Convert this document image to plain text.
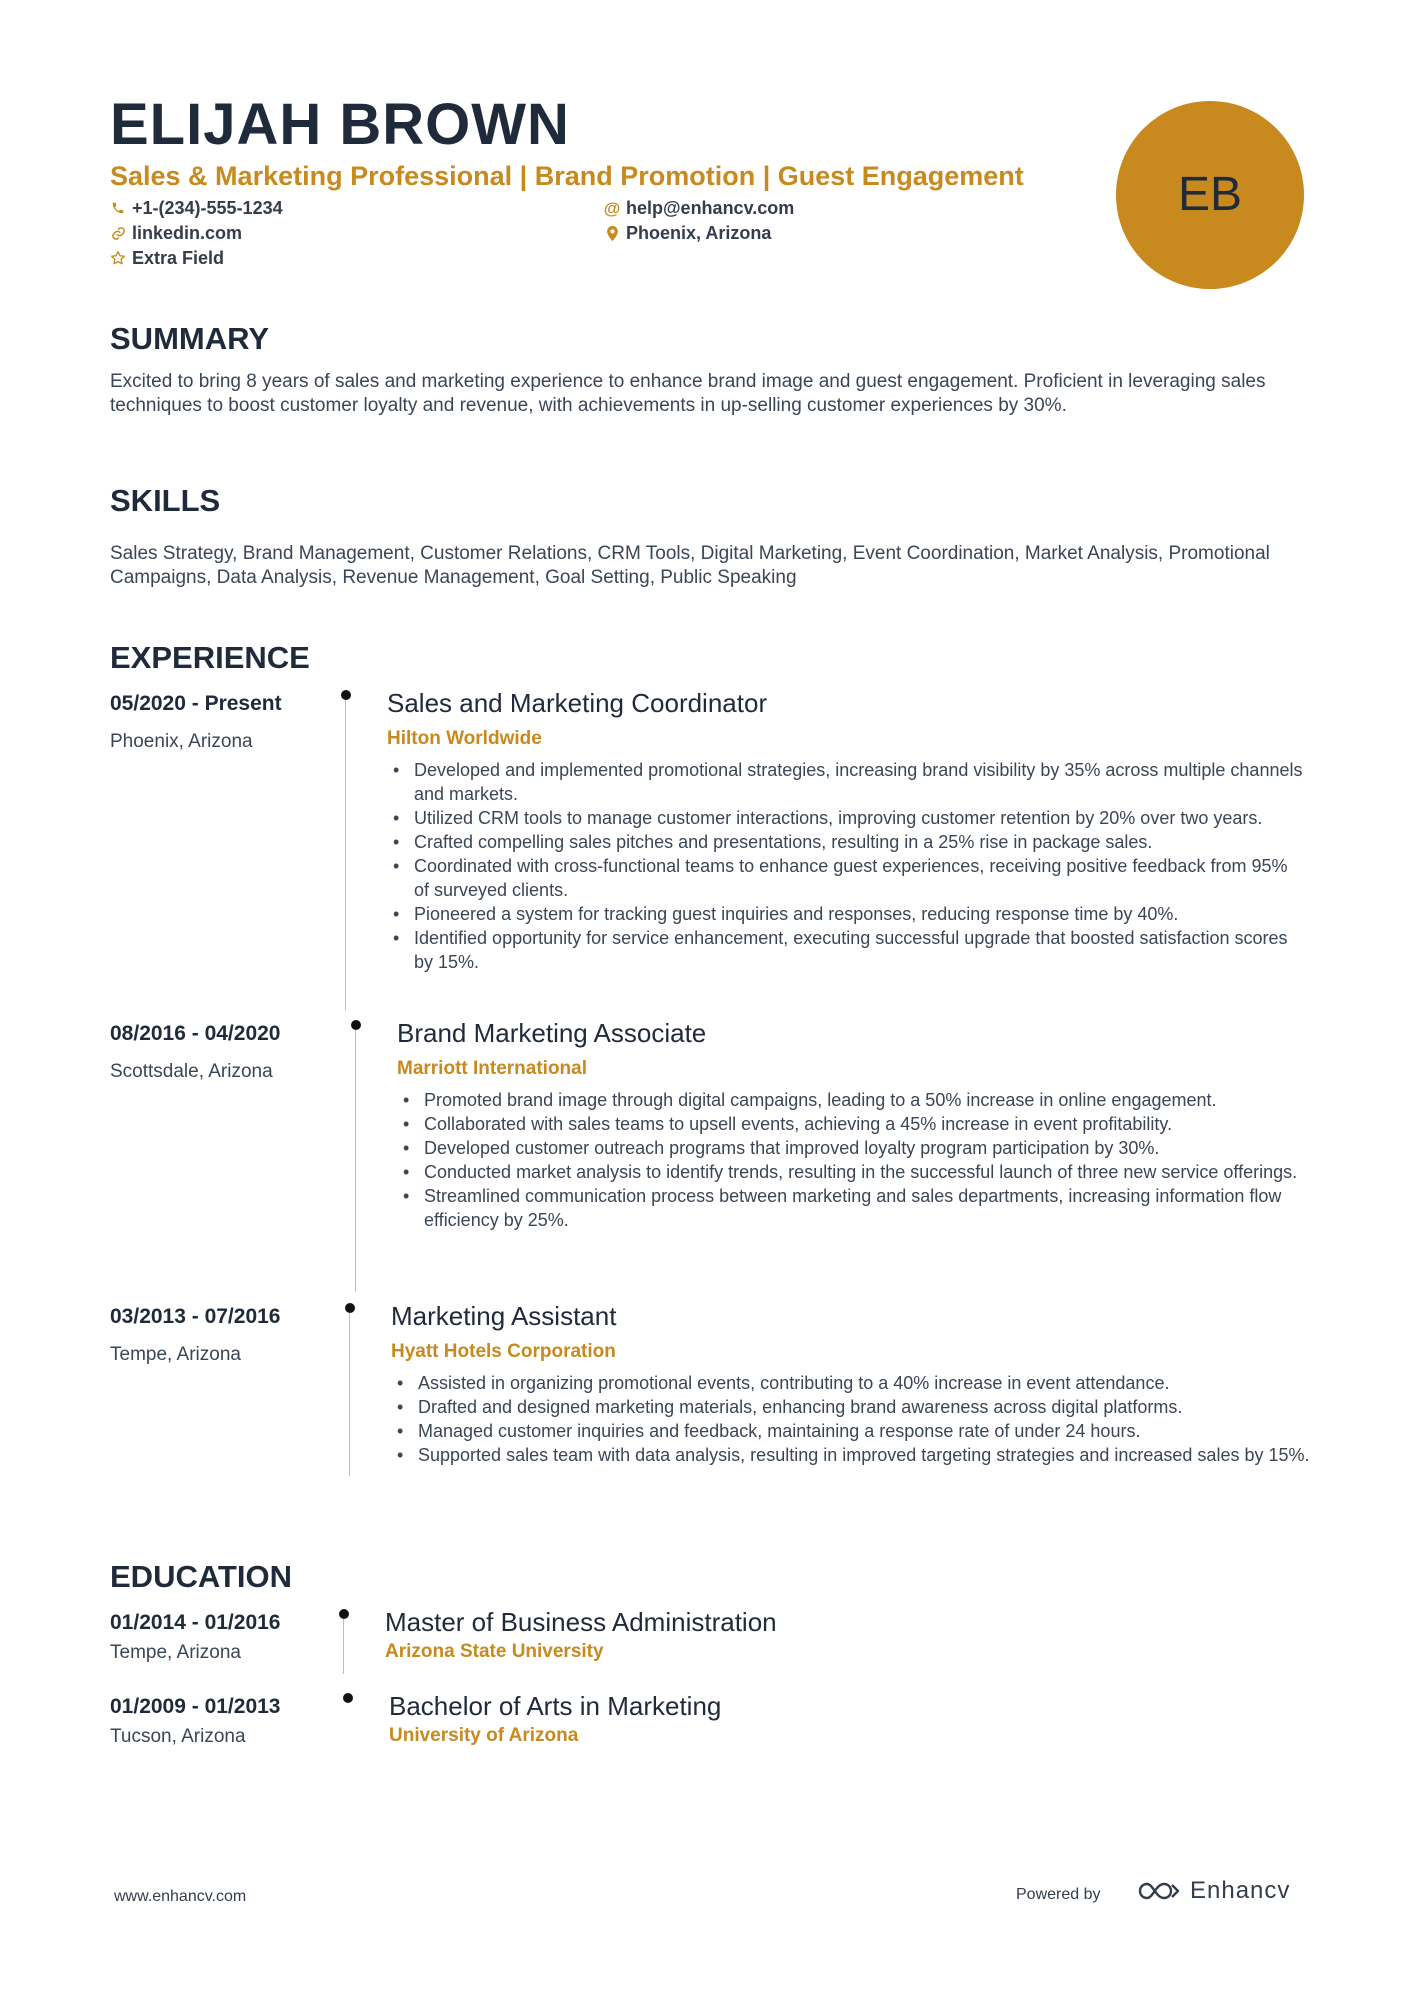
ELIJAH BROWN
Sales & Marketing Professional | Brand Promotion | Guest Engagement
+1-(234)-555-1234	@ help@enhancv.com
linkedin.com	Phoenix, Arizona
Extra Field
EB
SUMMARY

Excited to bring 8 years of sales and marketing experience to enhance brand image and guest engagement. Proficient in leveraging sales techniques to boost customer loyalty and revenue, with achievements in up-selling customer experiences by 30%.

SKILLS

Sales Strategy, Brand Management, Customer Relations, CRM Tools, Digital Marketing, Event Coordination, Market Analysis, Promotional Campaigns, Data Analysis, Revenue Management, Goal Setting, Public Speaking

EXPERIENCE
05/2020 - Present
Phoenix, Arizona
Sales and Marketing Coordinator
Hilton Worldwide
• Developed and implemented promotional strategies, increasing brand visibility by 35% across multiple channels and markets.
• Utilized CRM tools to manage customer interactions, improving customer retention by 20% over two years.
• Crafted compelling sales pitches and presentations, resulting in a 25% rise in package sales.
• Coordinated with cross-functional teams to enhance guest experiences, receiving positive feedback from 95% of surveyed clients.
• Pioneered a system for tracking guest inquiries and responses, reducing response time by 40%.
• Identified opportunity for service enhancement, executing successful upgrade that boosted satisfaction scores by 15%.
08/2016 - 04/2020
Scottsdale, Arizona
Brand Marketing Associate
Marriott International
• Promoted brand image through digital campaigns, leading to a 50% increase in online engagement.
• Collaborated with sales teams to upsell events, achieving a 45% increase in event profitability.
• Developed customer outreach programs that improved loyalty program participation by 30%.
• Conducted market analysis to identify trends, resulting in the successful launch of three new service offerings.
• Streamlined communication process between marketing and sales departments, increasing information flow efficiency by 25%.
03/2013 - 07/2016
Tempe, Arizona
Marketing Assistant
Hyatt Hotels Corporation
• Assisted in organizing promotional events, contributing to a 40% increase in event attendance.
• Drafted and designed marketing materials, enhancing brand awareness across digital platforms.
• Managed customer inquiries and feedback, maintaining a response rate of under 24 hours.
• Supported sales team with data analysis, resulting in improved targeting strategies and increased sales by 15%.
EDUCATION
01/2014 - 01/2016
Tempe, Arizona
Master of Business Administration
Arizona State University
01/2009 - 01/2013
Tucson, Arizona
Bachelor of Arts in Marketing
University of Arizona
www.enhancv.com	Powered by	Enhancv
